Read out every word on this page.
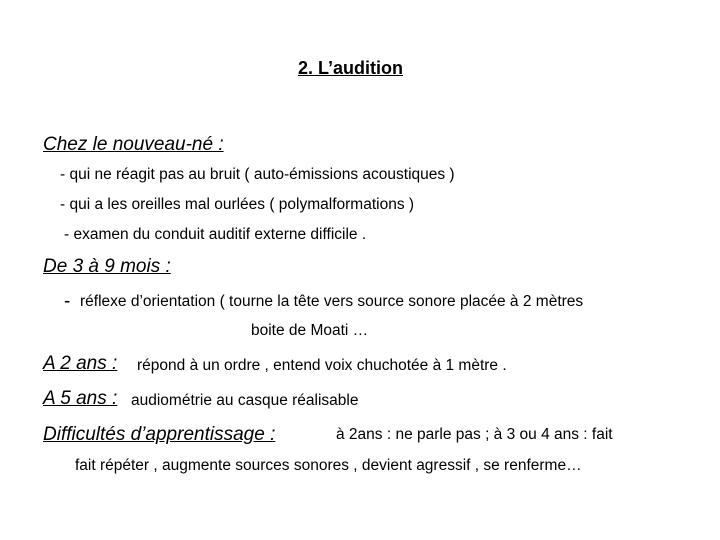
2. L’audition
Chez le nouveau-né :
- qui ne réagit pas au bruit ( auto-émissions acoustiques )
- qui a les oreilles mal ourlées ( polymalformations )
- examen du conduit auditif externe difficile .
De 3 à 9 mois :
- réflexe d’orientation ( tourne la tête vers source sonore placée à 2 mètres
boite de Moati …
A 2 ans : répond à un ordre , entend voix chuchotée à 1 mètre .
A 5 ans : audiométrie au casque réalisable
Difficultés d’apprentissage :	à 2ans : ne parle pas ; à 3 ou 4 ans : fait
fait répéter , augmente sources sonores , devient agressif , se renferme…
